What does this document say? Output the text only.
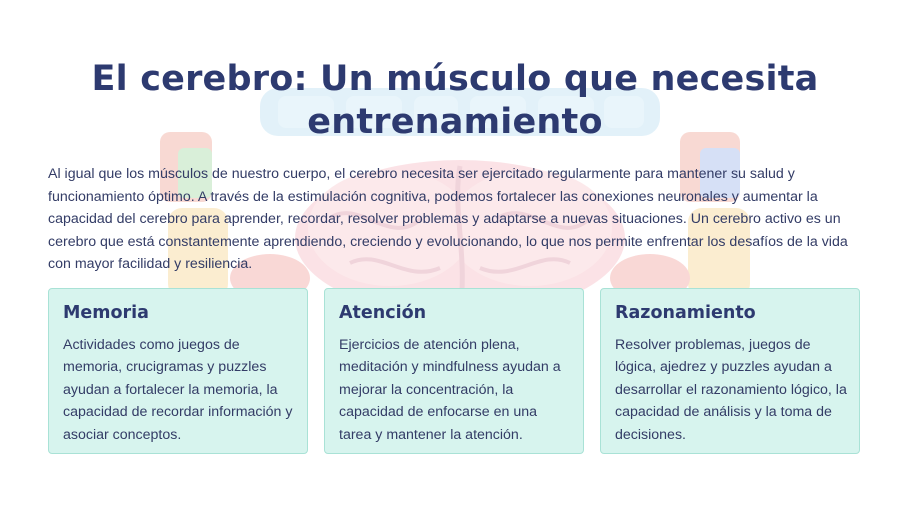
El cerebro: Un músculo que necesita entrenamiento

Al igual que los músculos de nuestro cuerpo, el cerebro necesita ser ejercitado regularmente para mantener su salud y funcionamiento óptimo. A través de la estimulación cognitiva, podemos fortalecer las conexiones neuronales y aumentar la capacidad del cerebro para aprender, recordar, resolver problemas y adaptarse a nuevas situaciones. Un cerebro activo es un cerebro que está constantemente aprendiendo, creciendo y evolucionando, lo que nos permite enfrentar los desafíos de la vida con mayor facilidad y resiliencia.

Memoria

Actividades como juegos de memoria, crucigramas y puzzles ayudan a fortalecer la memoria, la capacidad de recordar información y asociar conceptos.

Atención

Ejercicios de atención plena, meditación y mindfulness ayudan a mejorar la concentración, la capacidad de enfocarse en una tarea y mantener la atención.

Razonamiento

Resolver problemas, juegos de lógica, ajedrez y puzzles ayudan a desarrollar el razonamiento lógico, la capacidad de análisis y la toma de decisiones.
